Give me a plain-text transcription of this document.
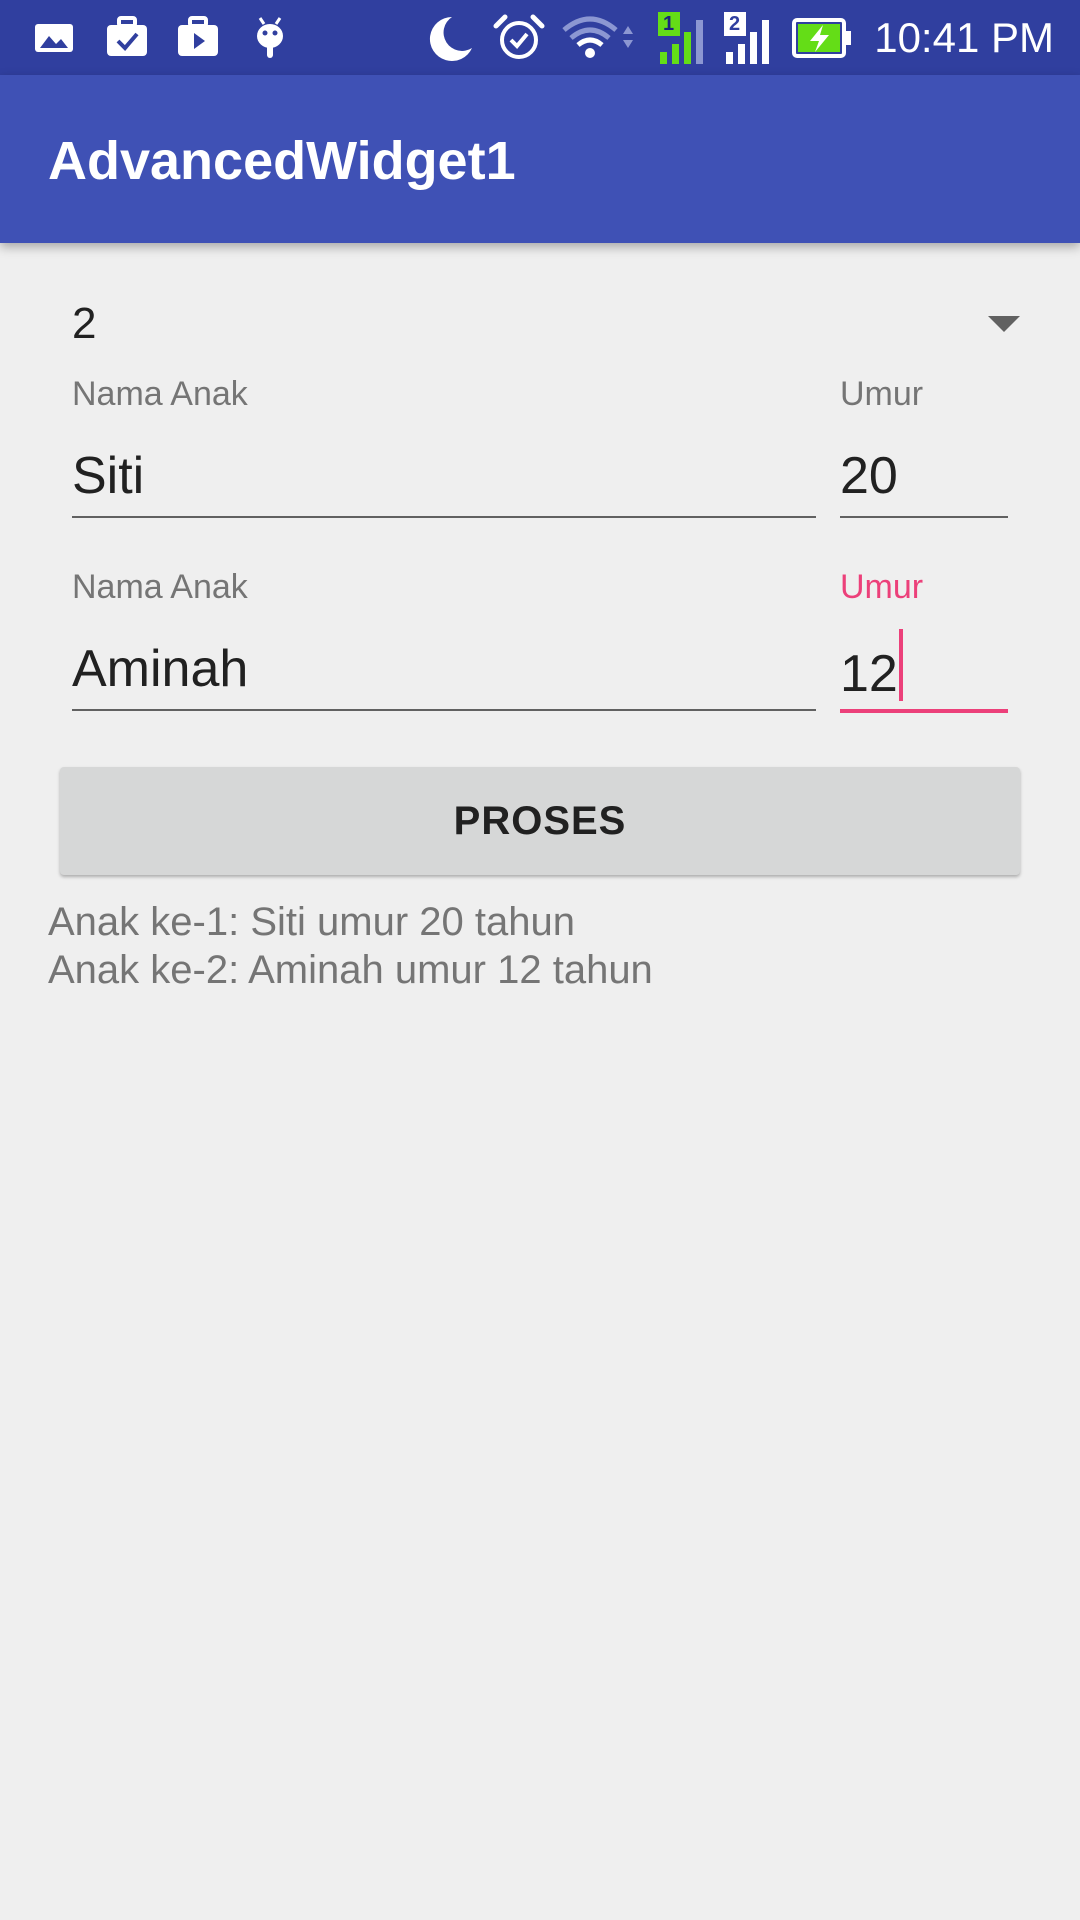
1	2	10:41 PM
AdvancedWidget1
2
Nama Anak
Siti
Umur
20
Nama Anak
Aminah
Umur
12
PROSES
Anak ke-1: Siti umur 20 tahun
Anak ke-2: Aminah umur 12 tahun
